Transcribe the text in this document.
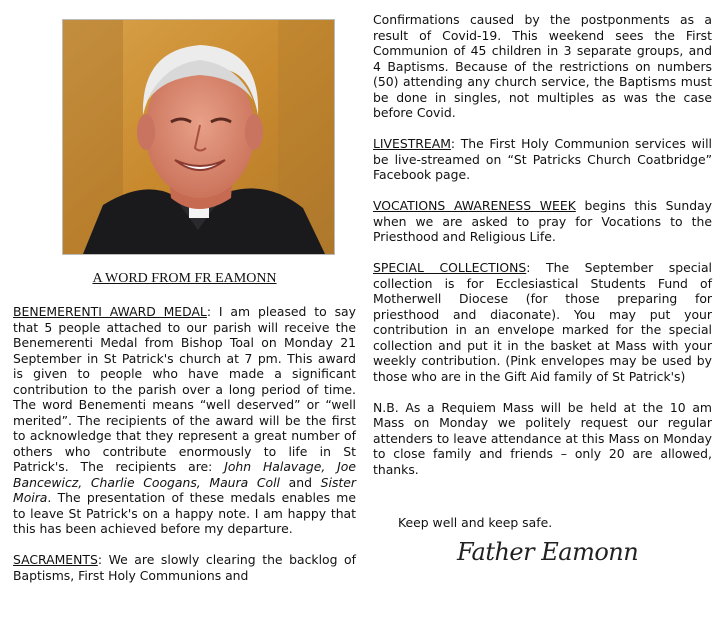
A WORD FROM FR EAMONN

BENEMERENTI AWARD MEDAL: I am pleased to say that 5 people attached to our parish will receive the Benemerenti Medal from Bishop Toal on Monday 21 September in St Patrick's church at 7 pm. This award is given to people who have made a significant contribution to the parish over a long period of time. The word Benementi means “well deserved” or “well merited”. The recipients of the award will be the first to acknowledge that they represent a great number of others who contribute enormously to life in St Patrick's. The recipients are: John Halavage, Joe Bancewicz, Charlie Coogans, Maura Coll and Sister Moira. The presentation of these medals enables me to leave St Patrick's on a happy note. I am happy that this has been achieved before my departure.

SACRAMENTS: We are slowly clearing the backlog of Baptisms, First Holy Communions and

Confirmations caused by the postponments as a result of Covid-19. This weekend sees the First Communion of 45 children in 3 separate groups, and 4 Baptisms. Because of the restrictions on numbers (50) attending any church service, the Baptisms must be done in singles, not multiples as was the case before Covid.

LIVESTREAM: The First Holy Communion services will be live-streamed on “St Patricks Church Coatbridge” Facebook page.

VOCATIONS AWARENESS WEEK begins this Sunday when we are asked to pray for Vocations to the Priesthood and Religious Life.

SPECIAL COLLECTIONS: The September special collection is for Ecclesiastical Students Fund of Motherwell Diocese (for those preparing for priesthood and diaconate). You may put your contribution in an envelope marked for the special collection and put it in the basket at Mass with your weekly contribution. (Pink envelopes may be used by those who are in the Gift Aid family of St Patrick's)

N.B. As a Requiem Mass will be held at the 10 am Mass on Monday we politely request our regular attenders to leave attendance at this Mass on Monday to close family and friends – only 20 are allowed, thanks.

Keep well and keep safe.
Father Eamonn
